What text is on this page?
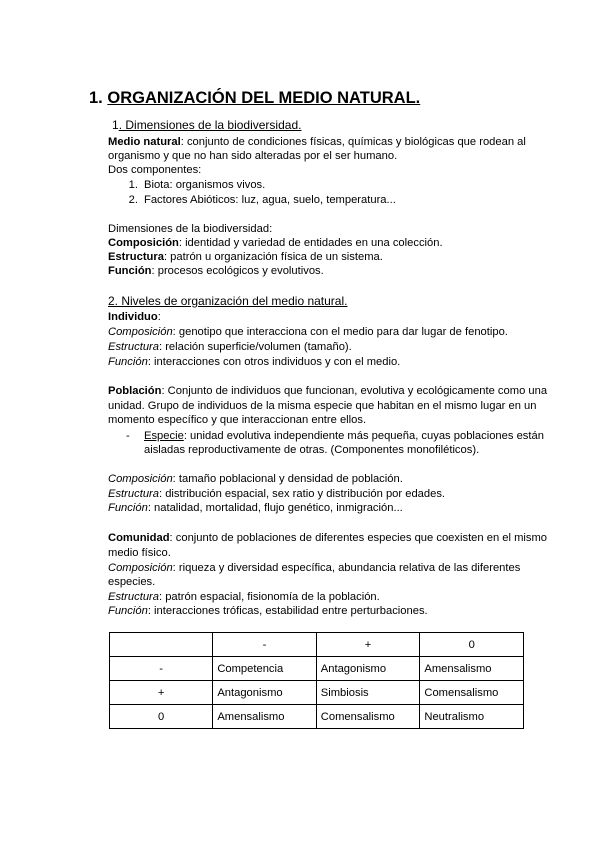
1. ORGANIZACIÓN DEL MEDIO NATURAL.
1. Dimensiones de la biodiversidad.
Medio natural: conjunto de condiciones físicas, químicas y biológicas que rodean al
organismo y que no han sido alteradas por el ser humano.
Dos componentes:
1. Biota: organismos vivos.
2. Factores Abióticos: luz, agua, suelo, temperatura...
Dimensiones de la biodiversidad:
Composición: identidad y variedad de entidades en una colección.
Estructura: patrón u organización física de un sistema.
Función: procesos ecológicos y evolutivos.
2. Niveles de organización del medio natural.
Individuo:
Composición: genotipo que interacciona con el medio para dar lugar de fenotipo.
Estructura: relación superficie/volumen (tamaño).
Función: interacciones con otros individuos y con el medio.
Población: Conjunto de individuos que funcionan, evolutiva y ecológicamente como una
unidad. Grupo de individuos de la misma especie que habitan en el mismo lugar en un
momento específico y que interaccionan entre ellos.
- Especie: unidad evolutiva independiente más pequeña, cuyas poblaciones están
aisladas reproductivamente de otras. (Componentes monofiléticos).
Composición: tamaño poblacional y densidad de población.
Estructura: distribución espacial, sex ratio y distribución por edades.
Función: natalidad, mortalidad, flujo genético, inmigración...
Comunidad: conjunto de poblaciones de diferentes especies que coexisten en el mismo
medio físico.
Composición: riqueza y diversidad específica, abundancia relativa de las diferentes
especies.
Estructura: patrón espacial, fisionomía de la población.
Función: interacciones tróficas, estabilidad entre perturbaciones.
	-	+	0
-	Competencia	Antagonismo	Amensalismo
+	Antagonismo	Simbiosis	Comensalismo
0	Amensalismo	Comensalismo	Neutralismo
